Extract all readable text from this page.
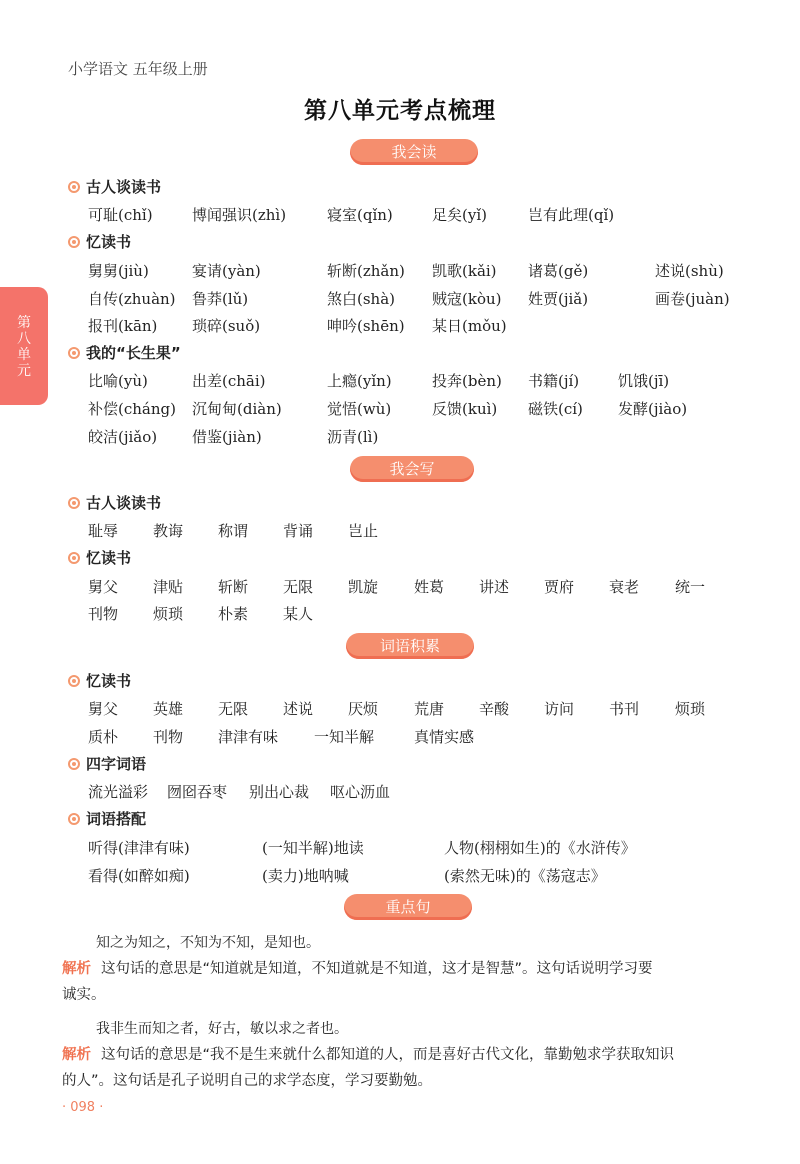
小学语文 五年级上册
第八单元考点梳理
第
八
单
元
我会读
古人谈读书
可耻(chǐ)	博闻强识(zhì)	寝室(qǐn)	足矣(yǐ)	岂有此理(qǐ)
忆读书
舅舅(jiù)	宴请(yàn)	斩断(zhǎn) 凯歌(kǎi) 诸葛(gě)	述说(shù)
自传(zhuàn) 鲁莽(lǔ)	煞白(shà) 贼寇(kòu) 姓贾(jiǎ)	画卷(juàn)
报刊(kān) 琐碎(suǒ)	呻吟(shēn) 某日(mǒu)
我的“长生果”
比喻(yù)	出差(chāi)	上瘾(yǐn)	投奔(bèn) 书籍(jí)	饥饿(jī)
补偿(cháng) 沉甸甸(diàn)	觉悟(wù)	反馈(kuì) 磁铁(cí) 发酵(jiào)
皎洁(jiǎo) 借鉴(jiàn)	沥青(lì)
我会写
古人谈读书
耻辱 教诲 称谓 背诵 岂止
忆读书
舅父 津贴 斩断 无限 凯旋 姓葛 讲述 贾府 衰老 统一
刊物 烦琐 朴素 某人
词语积累
忆读书
舅父 英雄 无限 述说 厌烦 荒唐 辛酸 访问 书刊 烦琐
质朴 刊物 津津有味 一知半解	真情实感
四字词语
流光溢彩 囫囵吞枣 别出心裁 呕心沥血
词语搭配
听得(津津有味)	(一知半解)地读	人物(栩栩如生)的《水浒传》
看得(如醉如痴)	(卖力)地呐喊	(索然无味)的《荡寇志》
重点句
知之为知之，不知为不知，是知也。
解析 这句话的意思是“知道就是知道，不知道就是不知道，这才是智慧”。这句话说明学习要
诚实。
我非生而知之者，好古，敏以求之者也。
解析 这句话的意思是“我不是生来就什么都知道的人，而是喜好古代文化，靠勤勉求学获取知识
的人”。这句话是孔子说明自己的求学态度，学习要勤勉。
· 098 ·
